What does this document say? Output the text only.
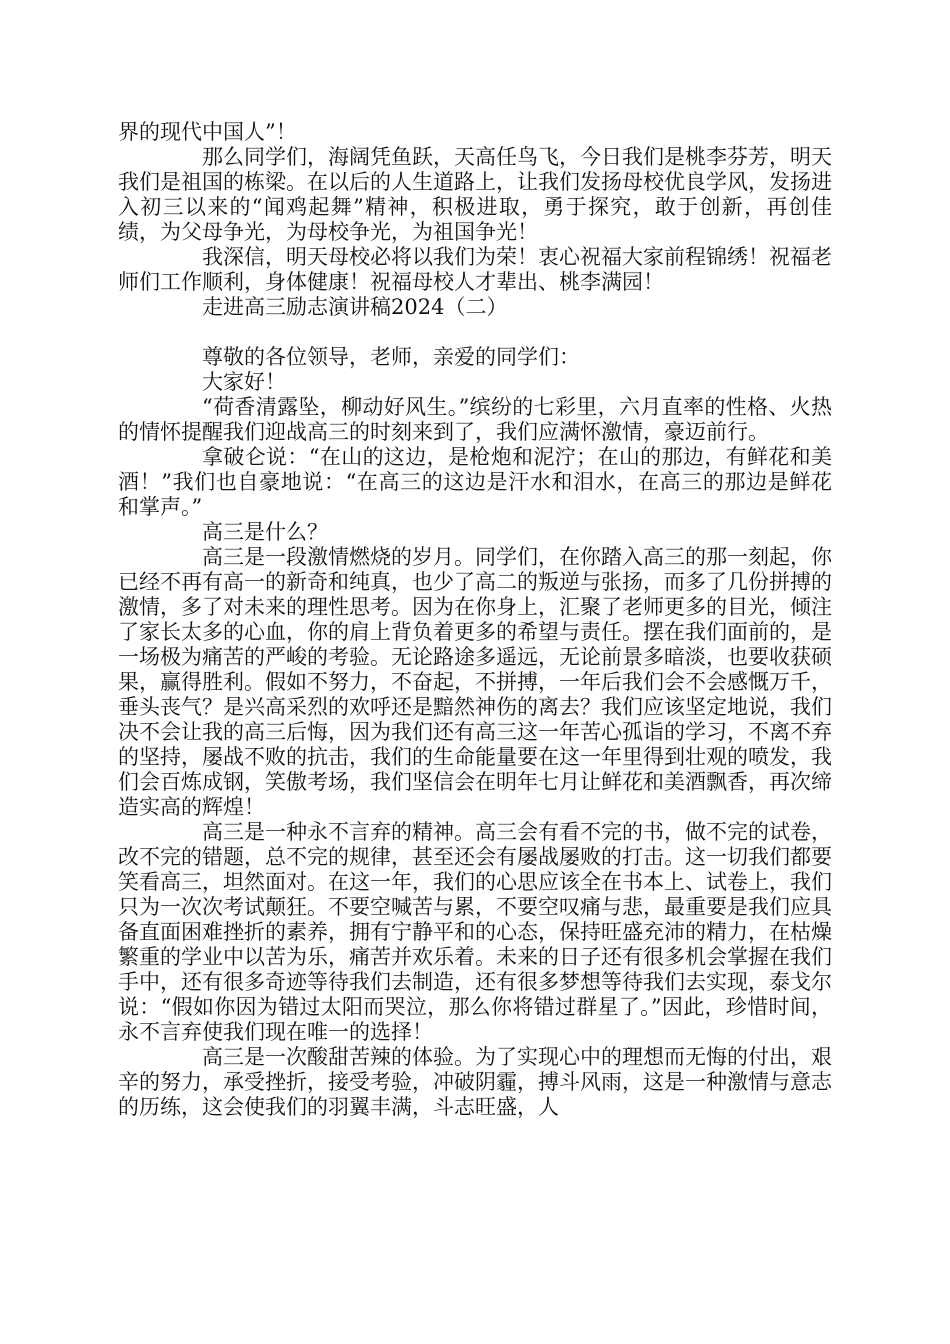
界的现代中国人”！

那么同学们，海阔凭鱼跃，天高任鸟飞，今日我们是桃李芬芳，明天我们是祖国的栋梁。在以后的人生道路上，让我们发扬母校优良学风，发扬进入初三以来的“闻鸡起舞”精神，积极进取，勇于探究，敢于创新，再创佳绩，为父母争光，为母校争光，为祖国争光！

我深信，明天母校必将以我们为荣！衷心祝福大家前程锦绣！祝福老师们工作顺利，身体健康！祝福母校人才辈出、桃李满园！

走进高三励志演讲稿2024（二）

尊敬的各位领导，老师，亲爱的同学们：

大家好！

“荷香清露坠，柳动好风生。”缤纷的七彩里，六月直率的性格、火热的情怀提醒我们迎战高三的时刻来到了，我们应满怀激情，豪迈前行。

拿破仑说：“在山的这边，是枪炮和泥泞；在山的那边，有鲜花和美酒！”我们也自豪地说：“在高三的这边是汗水和泪水，在高三的那边是鲜花和掌声。”

高三是什么？

高三是一段激情燃烧的岁月。同学们，在你踏入高三的那一刻起，你已经不再有高一的新奇和纯真，也少了高二的叛逆与张扬，而多了几份拼搏的激情，多了对未来的理性思考。因为在你身上，汇聚了老师更多的目光，倾注了家长太多的心血，你的肩上背负着更多的希望与责任。摆在我们面前的，是一场极为痛苦的严峻的考验。无论路途多遥远，无论前景多暗淡，也要收获硕果，赢得胜利。假如不努力，不奋起，不拼搏，一年后我们会不会感慨万千，垂头丧气？是兴高采烈的欢呼还是黯然神伤的离去？我们应该坚定地说，我们决不会让我的高三后悔，因为我们还有高三这一年苦心孤诣的学习，不离不弃的坚持，屡战不败的抗击，我们的生命能量要在这一年里得到壮观的喷发，我们会百炼成钢，笑傲考场，我们坚信会在明年七月让鲜花和美酒飘香，再次缔造实高的辉煌！

高三是一种永不言弃的精神。高三会有看不完的书，做不完的试卷，改不完的错题，总不完的规律，甚至还会有屡战屡败的打击。这一切我们都要笑看高三，坦然面对。在这一年，我们的心思应该全在书本上、试卷上，我们只为一次次考试颠狂。不要空喊苦与累，不要空叹痛与悲，最重要是我们应具备直面困难挫折的素养，拥有宁静平和的心态，保持旺盛充沛的精力，在枯燥繁重的学业中以苦为乐，痛苦并欢乐着。未来的日子还有很多机会掌握在我们手中，还有很多奇迹等待我们去制造，还有很多梦想等待我们去实现，泰戈尔说：“假如你因为错过太阳而哭泣，那么你将错过群星了。”因此，珍惜时间，永不言弃使我们现在唯一的选择！

高三是一次酸甜苦辣的体验。为了实现心中的理想而无悔的付出，艰辛的努力，承受挫折，接受考验，冲破阴霾，搏斗风雨，这是一种激情与意志的历练，这会使我们的羽翼丰满，斗志旺盛，人
